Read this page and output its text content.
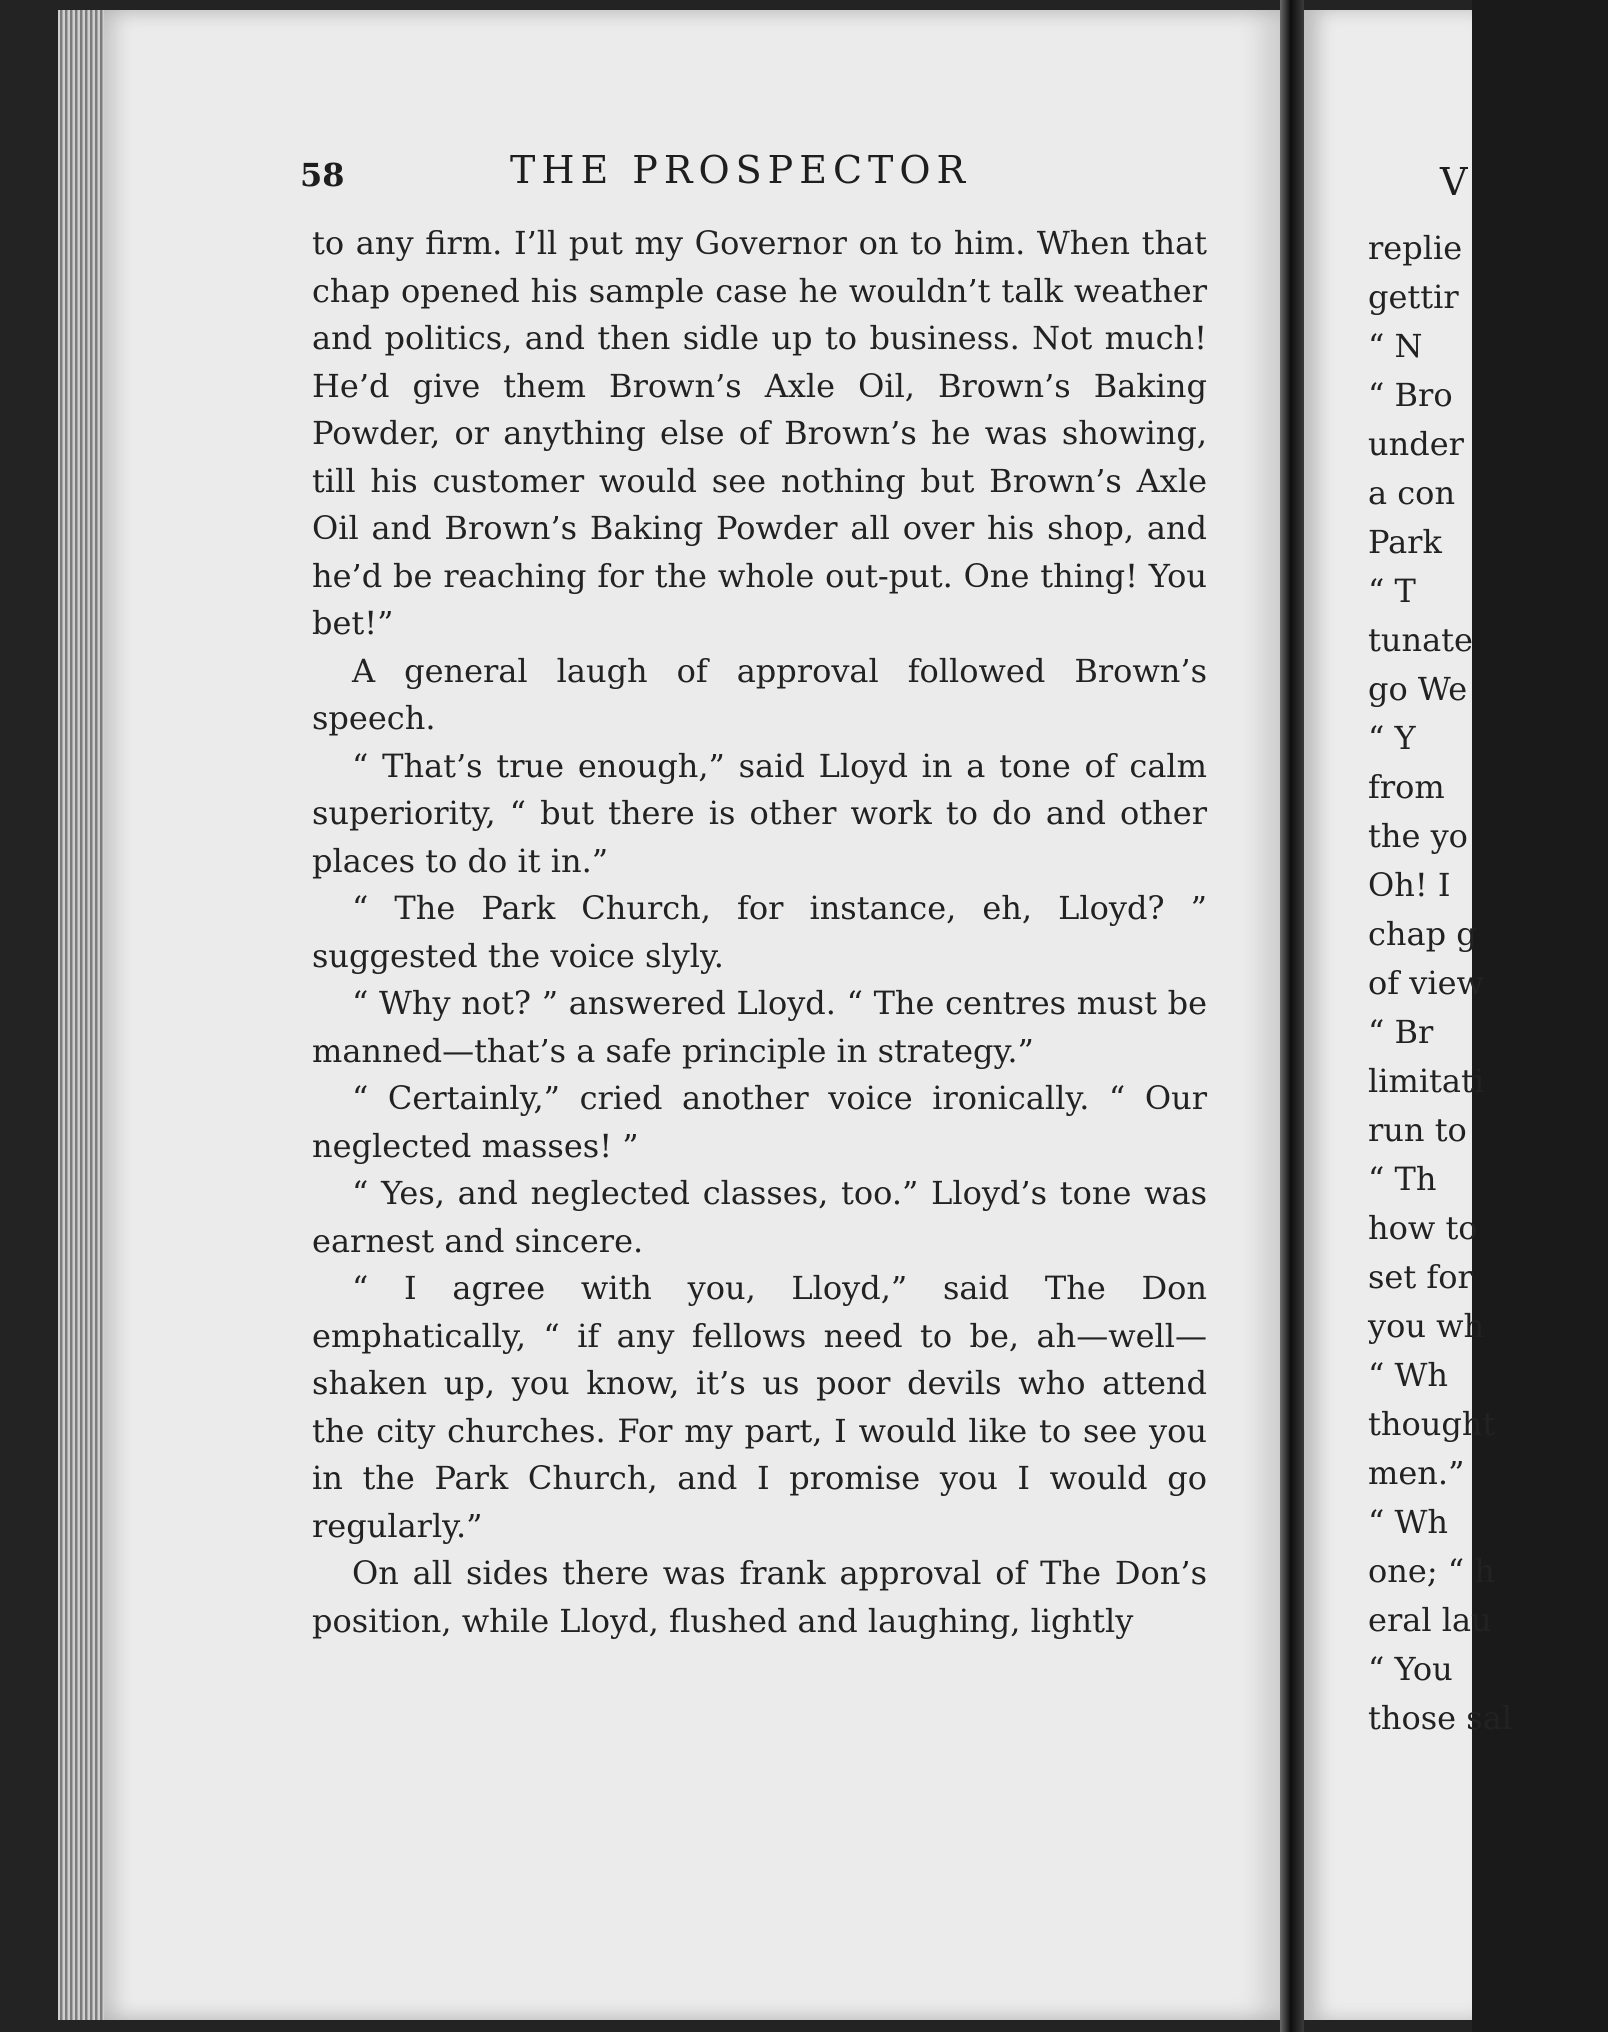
58	THE PROSPECTOR

to any firm. I’ll put my Governor on to him. When that chap opened his sample case he wouldn’t talk weather and politics, and then sidle up to business. Not much! He’d give them Brown’s Axle Oil, Brown’s Baking Powder, or anything else of Brown’s he was showing, till his customer would see nothing but Brown’s Axle Oil and Brown’s Baking Powder all over his shop, and he’d be reaching for the whole out-put. One thing! You bet!”

A general laugh of approval followed Brown’s speech.

“ That’s true enough,” said Lloyd in a tone of calm superiority, “ but there is other work to do and other places to do it in.”

“ The Park Church, for instance, eh, Lloyd? ” suggested the voice slyly.

“ Why not? ” answered Lloyd. “ The centres must be manned—that’s a safe principle in strategy.”

“ Certainly,” cried another voice ironically. “ Our neglected masses! ”

“ Yes, and neglected classes, too.” Lloyd’s tone was earnest and sincere.

“ I agree with you, Lloyd,” said The Don emphatically, “ if any fellows need to be, ah—well—shaken up, you know, it’s us poor devils who attend the city churches. For my part, I would like to see you in the Park Church, and I promise you I would go regularly.”

On all sides there was frank approval of The Don’s position, while Lloyd, flushed and laughing, lightly

V
replie
gettir
“ N
“ Bro
under
a con
Park
“ T
tunate
go We
“ Y
from
the yo
Oh! I
chap g
of view
“ Br
limitati
run to
“ Th
how to
set for
you wh
“ Wh
thought
men.”
“ Wh
one; “ h
eral lau
“ You
those sal
